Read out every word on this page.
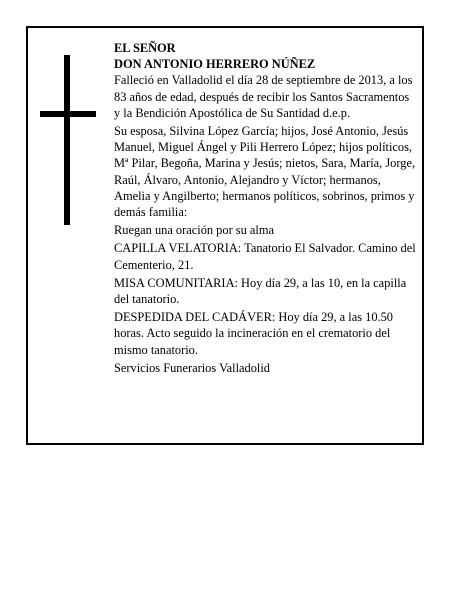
EL SEÑOR

DON ANTONIO HERRERO NÚÑEZ

Falleció en Valladolid el día 28 de septiembre de 2013, a los 83 años de edad, después de recibir los Santos Sacramentos y la Bendición Apostólica de Su Santidad d.e.p.

Su esposa, Silvina López García; hijos, José Antonio, Jesús Manuel, Miguel Ángel y Pili Herrero López; hijos políticos, Mª Pilar, Begoña, Marina y Jesús; nietos, Sara, María, Jorge, Raúl, Álvaro, Antonio, Alejandro y Víctor; hermanos, Amelia y Angilberto; hermanos políticos, sobrinos, primos y demás familia:

Ruegan una oración por su alma

CAPILLA VELATORIA: Tanatorio El Salvador. Camino del Cementerio, 21.

MISA COMUNITARIA: Hoy día 29, a las 10, en la capilla del tanatorio.

DESPEDIDA DEL CADÁVER: Hoy día 29, a las 10.50 horas. Acto seguido la incineración en el crematorio del mismo tanatorio.

Servicios Funerarios Valladolid
